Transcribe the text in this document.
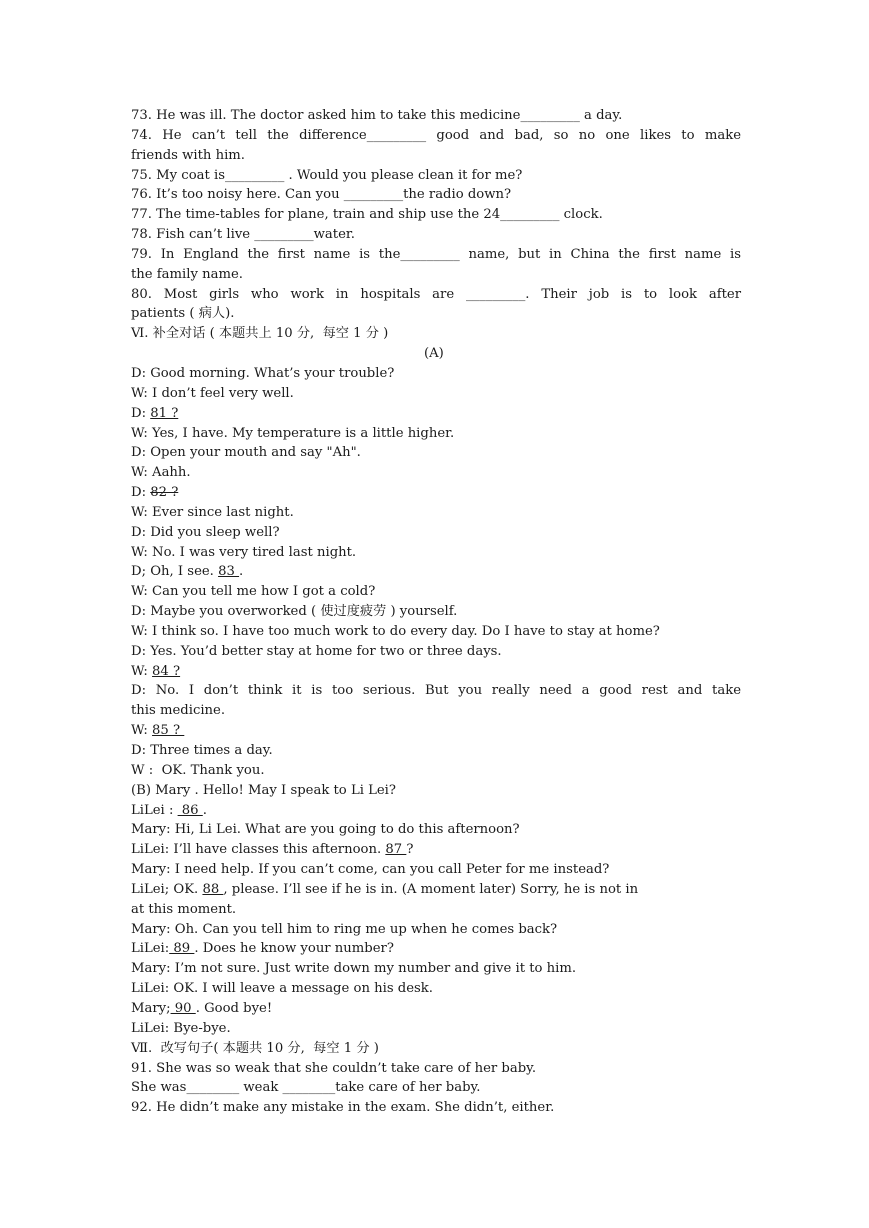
73. He was ill. The doctor asked him to take this medicine_________ a day.
74. He can’t tell the difference_________ good and bad, so no one likes to make
friends with him.
75. My coat is_________ . Would you please clean it for me?
76. It’s too noisy here. Can you _________the radio down?
77. The time-tables for plane, train and ship use the 24_________ clock.
78. Fish can’t live _________water.
79. In England the first name is the_________ name, but in China the first name is
the family name.
80. Most girls who work in hospitals are _________. Their job is to look after
patients ( 病人).
Ⅵ. 补全对话 ( 本题共上 10 分,  每空 1 分 )
(A)
D: Good morning. What’s your trouble?
W: I don’t feel very well.
D: 81 ?
W: Yes, I have. My temperature is a little higher.
D: Open your mouth and say "Ah".
W: Aahh.
D: 82 ?
W: Ever since last night.
D: Did you sleep well?
W: No. I was very tired last night.
D; Oh, I see. 83 .
W: Can you tell me how I got a cold?
D: Maybe you overworked ( 使过度疲劳 ) yourself.
W: I think so. I have too much work to do every day. Do I have to stay at home?
D: Yes. You’d better stay at home for two or three days.
W: 84 ?
D: No. I don’t think it is too serious. But you really need a good rest and take
this medicine.
W: 85 ?
D: Three times a day.
W :  OK. Thank you.
(B) Mary . Hello! May I speak to Li Lei?
LiLei :  86 .
Mary: Hi, Li Lei. What are you going to do this afternoon?
LiLei: I’ll have classes this afternoon. 87 ?
Mary: I need help. If you can’t come, can you call Peter for me instead?
LiLei; OK. 88 , please. I’ll see if he is in. (A moment later) Sorry, he is not in
at this moment.
Mary: Oh. Can you tell him to ring me up when he comes back?
LiLei: 89 . Does he know your number?
Mary: I’m not sure. Just write down my number and give it to him.
LiLei: OK. I will leave a message on his desk.
Mary; 90 . Good bye!
LiLei: Bye-bye.
Ⅶ.  改写句子( 本题共 10 分,  每空 1 分 )
91. She was so weak that she couldn’t take care of her baby.
She was________ weak ________take care of her baby.
92. He didn’t make any mistake in the exam. She didn’t, either.
